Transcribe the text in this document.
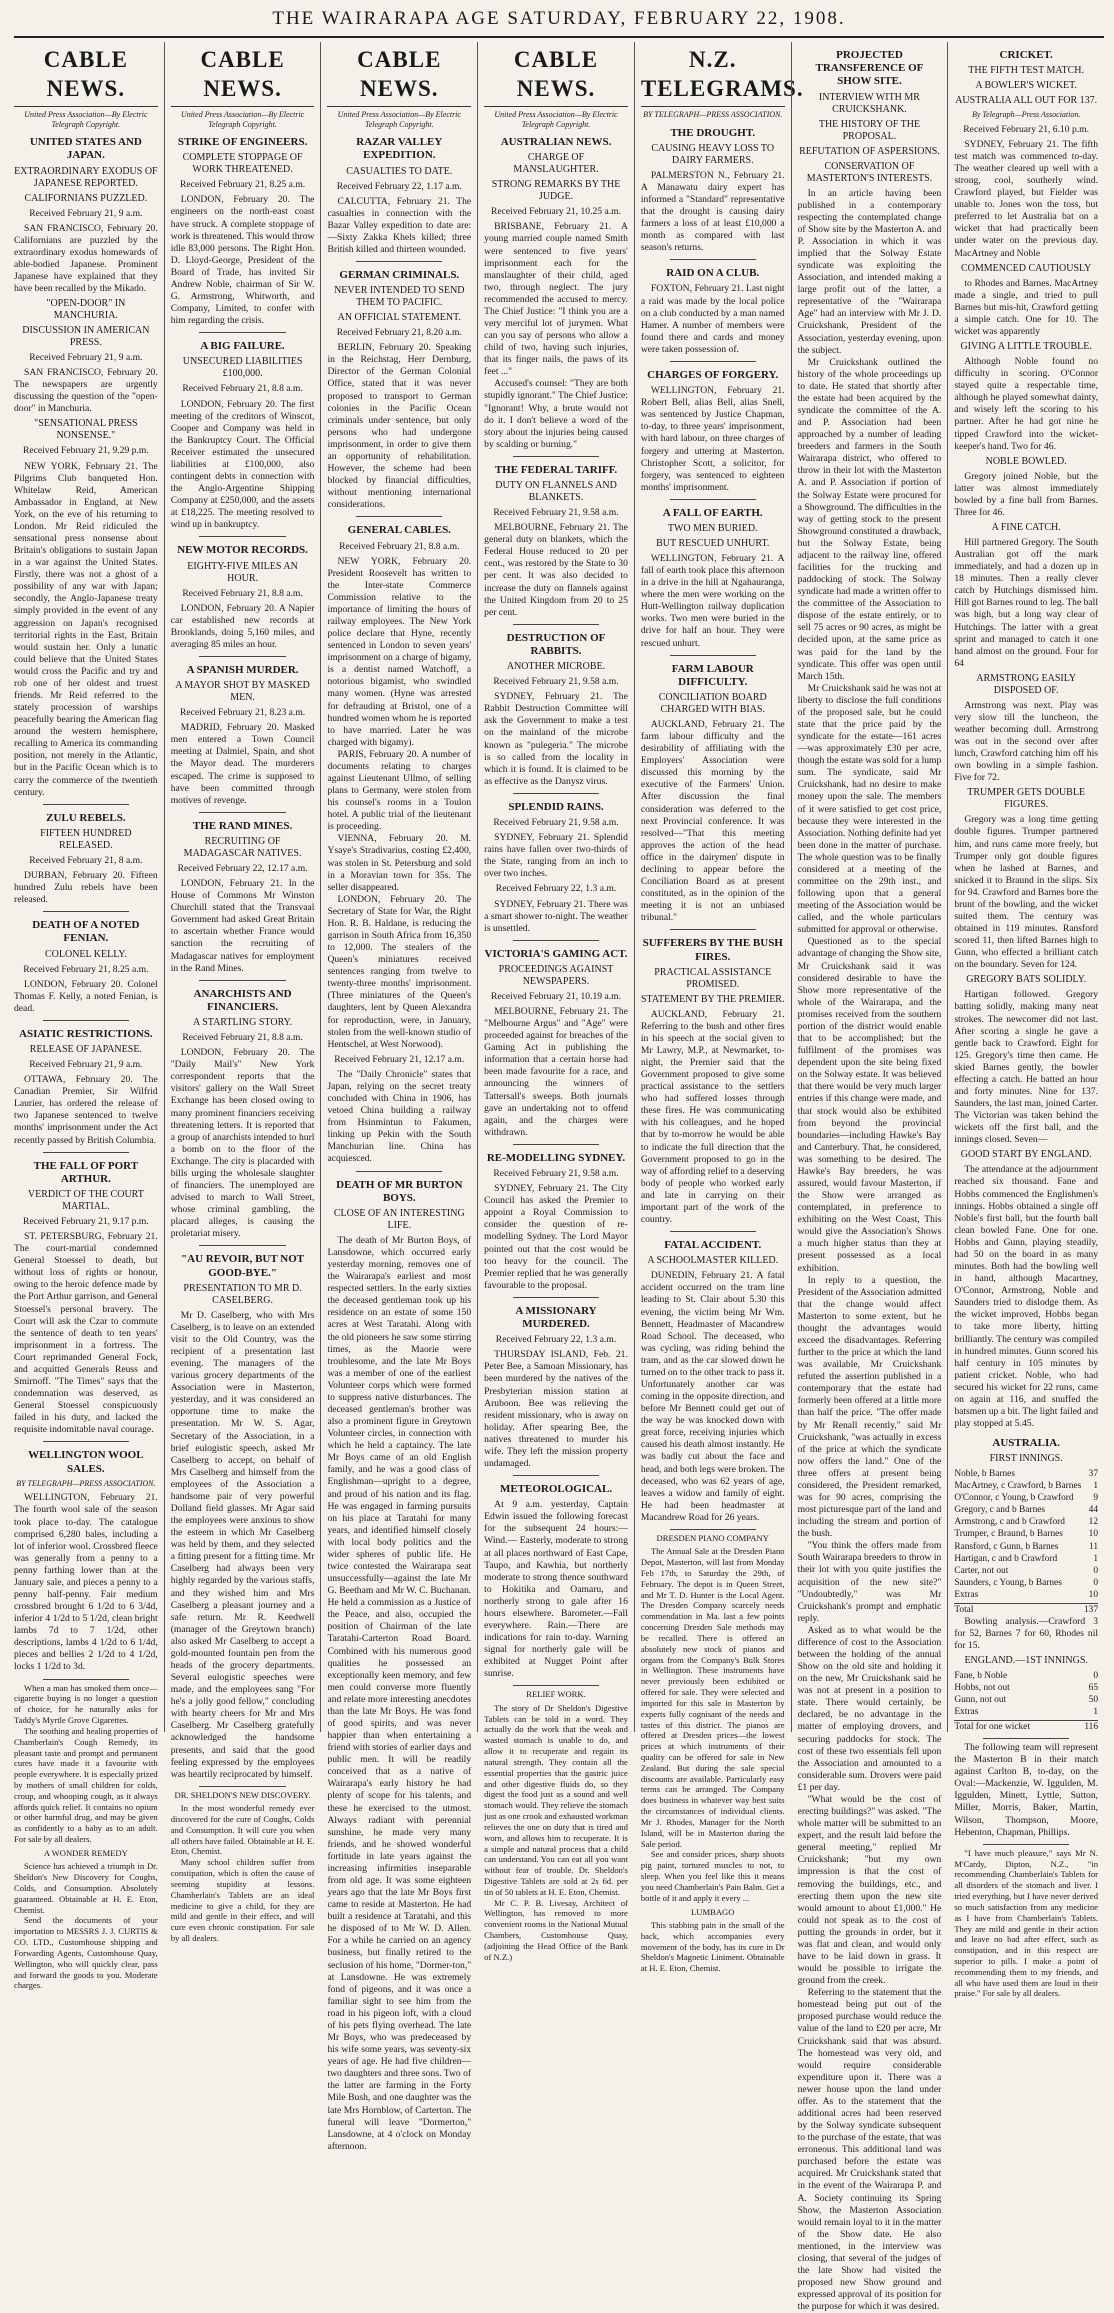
THE WAIRARAPA AGE SATURDAY, FEBRUARY 22, 1908.
CABLE NEWS.
United Press Association—By Electric Telegraph Copyright.
UNITED STATES AND JAPAN.
EXTRAORDINARY EXODUS OF JAPANESE REPORTED.
CALIFORNIANS PUZZLED.
Received February 21, 9 a.m.

SAN FRANCISCO, February 20. Californians are puzzled by the extraordinary exodus homewards of able-bodied Japanese. Prominent Japanese have explained that they have been recalled by the Mikado.

"OPEN-DOOR" IN MANCHURIA.
DISCUSSION IN AMERICAN PRESS.
Received February 21, 9 a.m.

SAN FRANCISCO, February 20. The newspapers are urgently discussing the question of the "open-door" in Manchuria.

"SENSATIONAL PRESS NONSENSE."
Received February 21, 9.29 p.m.

NEW YORK, February 21. The Pilgrims Club banqueted Hon. Whitelaw Reid, American Ambassador in England, at New York, on the eve of his returning to London. Mr Reid ridiculed the sensational press nonsense about Britain's obligations to sustain Japan in a war against the United States. Firstly, there was not a ghost of a possibility of any war with Japan; secondly, the Anglo-Japanese treaty simply provided in the event of any aggression on Japan's recognised territorial rights in the East, Britain would sustain her. Only a lunatic could believe that the United States would cross the Pacific and try and rob one of her oldest and truest friends. Mr Reid referred to the stately procession of warships peacefully bearing the American flag around the western hemisphere, recalling to America its commanding position, not merely in the Atlantic, but in the Pacific Ocean which is to carry the commerce of the twentieth century.

ZULU REBELS.
FIFTEEN HUNDRED RELEASED.
Received February 21, 8 a.m.

DURBAN, February 20. Fifteen hundred Zulu rebels have been released.

DEATH OF A NOTED FENIAN.
COLONEL KELLY.
Received February 21, 8.25 a.m.

LONDON, February 20. Colonel Thomas F. Kelly, a noted Fenian, is dead.

ASIATIC RESTRICTIONS.
RELEASE OF JAPANESE.
Received February 21, 9 a.m.

OTTAWA, February 20. The Canadian Premier, Sir Wilfrid Laurier, has ordered the release of two Japanese sentenced to twelve months' imprisonment under the Act recently passed by British Columbia.

THE FALL OF PORT ARTHUR.
VERDICT OF THE COURT MARTIAL.
Received February 21, 9.17 p.m.

ST. PETERSBURG, February 21. The court-martial condemned General Stoessel to death, but without loss of rights or honour, owing to the heroic defence made by the Port Arthur garrison, and General Stoessel's personal bravery. The Court will ask the Czar to commute the sentence of death to ten years' imprisonment in a fortress. The Court reprimanded General Fock, and acquitted Generals Reuss and Smirnoff. "The Times" says that the condemnation was deserved, as General Stoessel conspicuously failed in his duty, and lacked the requisite indomitable naval courage.

WELLINGTON WOOL SALES.
BY TELEGRAPH—PRESS ASSOCIATION.

WELLINGTON, February 21. The fourth wool sale of the season took place to-day. The catalogue comprised 6,280 bales, including a lot of inferior wool. Crossbred fleece was generally from a penny to a penny farthing lower than at the January sale, and pieces a penny to a penny half-penny. Fair medium crossbred brought 6 1/2d to 6 3/4d, inferior 4 1/2d to 5 1/2d, clean bright lambs 7d to 7 1/2d, other descriptions, lambs 4 1/2d to 6 1/4d, pieces and bellies 2 1/2d to 4 1/2d, locks 1 1/2d to 3d.

When a man has smoked them once—cigarette buying is no longer a question of choice, for he naturally asks for Taddy's Myrtle Grove Cigarettes.

The soothing and healing properties of Chamberlain's Cough Remedy, its pleasant taste and prompt and permanent cures have made it a favourite with people everywhere. It is especially prized by mothers of small children for colds, croup, and whooping cough, as it always affords quick relief. It contains no opium or other harmful drug, and may be given as confidently to a baby as to an adult. For sale by all dealers.

A WONDER REMEDY

Science has achieved a triumph in Dr. Sheldon's New Discovery for Coughs, Colds, and Consumption. Absolutely guaranteed. Obtainable at H. E. Eton, Chemist.

Send the documents of your importation to MESSRS J. J. CURTIS & CO. LTD., Customhouse shipping and Forwarding Agents, Customhouse Quay, Wellington, who will quickly clear, pass and forward the goods to you. Moderate charges.

CABLE NEWS.
United Press Association—By Electric Telegraph Copyright.
STRIKE OF ENGINEERS.
COMPLETE STOPPAGE OF WORK THREATENED.
Received February 21, 8.25 a.m.

LONDON, February 20. The engineers on the north-east coast have struck. A complete stoppage of work is threatened. This would throw idle 83,000 persons. The Right Hon. D. Lloyd-George, President of the Board of Trade, has invited Sir Andrew Noble, chairman of Sir W. G. Armstrong, Whitworth, and Company, Limited, to confer with him regarding the crisis.

A BIG FAILURE.
UNSECURED LIABILITIES £100,000.
Received February 21, 8.8 a.m.

LONDON, February 20. The first meeting of the creditors of Winscot, Cooper and Company was held in the Bankruptcy Court. The Official Receiver estimated the unsecured liabilities at £100,000, also contingent debts in connection with the Anglo-Argentine Shipping Company at £250,000, and the assets at £18,225. The meeting resolved to wind up in bankruptcy.

NEW MOTOR RECORDS.
EIGHTY-FIVE MILES AN HOUR.
Received February 21, 8.8 a.m.

LONDON, February 20. A Napier car established new records at Brooklands, doing 5,160 miles, and averaging 85 miles an hour.

A SPANISH MURDER.
A MAYOR SHOT BY MASKED MEN.
Received February 21, 8.23 a.m.

MADRID, February 20. Masked men entered a Town Council meeting at Dalmiel, Spain, and shot the Mayor dead. The murderers escaped. The crime is supposed to have been committed through motives of revenge.

THE RAND MINES.
RECRUITING OF MADAGASCAR NATIVES.
Received February 22, 12.17 a.m.

LONDON, February 21. In the House of Commons Mr Winston Churchill stated that the Transvaal Government had asked Great Britain to ascertain whether France would sanction the recruiting of Madagascar natives for employment in the Rand Mines.

ANARCHISTS AND FINANCIERS.
A STARTLING STORY.
Received February 21, 8.8 a.m.

LONDON, February 20. The "Daily Mail's" New York correspondent reports that the visitors' gallery on the Wall Street Exchange has been closed owing to many prominent financiers receiving threatening letters. It is reported that a group of anarchists intended to hurl a bomb on to the floor of the Exchange. The city is placarded with bills urging the wholesale slaughter of financiers. The unemployed are advised to march to Wall Street, whose criminal gambling, the placard alleges, is causing the proletariat misery.

"AU REVOIR, BUT NOT GOOD-BYE."
PRESENTATION TO MR D. CASELBERG.

Mr D. Caselberg, who with Mrs Caselberg, is to leave on an extended visit to the Old Country, was the recipient of a presentation last evening. The managers of the various grocery departments of the Association were in Masterton, yesterday, and it was considered an opportune time to make the presentation. Mr W. S. Agar, Secretary of the Association, in a brief eulogistic speech, asked Mr Caselberg to accept, on behalf of Mrs Caselberg and himself from the employees of the Association a handsome pair of very powerful Dolland field glasses. Mr Agar said the employees were anxious to show the esteem in which Mr Caselberg was held by them, and they selected a fitting present for a fitting time. Mr Caselberg had always been very highly regarded by the various staffs, and they wished him and Mrs Caselberg a pleasant journey and a safe return. Mr R. Keedwell (manager of the Greytown branch) also asked Mr Caselberg to accept a gold-mounted fountain pen from the heads of the grocery departments. Several eulogistic speeches were made, and the employees sang "For he's a jolly good fellow," concluding with hearty cheers for Mr and Mrs Caselberg. Mr Caselberg gratefully acknowledged the handsome presents, and said that the good feeling expressed by the employees was heartily reciprocated by himself.

DR. SHELDON'S NEW DISCOVERY.

In the most wonderful remedy ever discovered for the cure of Coughs, Colds and Consumption. It will cure you when all others have failed. Obtainable at H. E. Eton, Chemist.

Many school children suffer from constipation, which is often the cause of seeming stupidity at lessons. Chamberlain's Tablets are an ideal medicine to give a child, for they are mild and gentle in their effect, and will cure even chronic constipation. For sale by all dealers.

CABLE NEWS.
United Press Association—By Electric Telegraph Copyright.
RAZAR VALLEY EXPEDITION.
CASUALTIES TO DATE.
Received February 22, 1.17 a.m.

CALCUTTA, February 21. The casualties in connection with the Bazar Valley expedition to date are:—Sixty Zakka Khels killed; three British killed and thirteen wounded.

GERMAN CRIMINALS.
NEVER INTENDED TO SEND THEM TO PACIFIC.
AN OFFICIAL STATEMENT.
Received February 21, 8.20 a.m.

BERLIN, February 20. Speaking in the Reichstag, Herr Dernburg, Director of the German Colonial Office, stated that it was never proposed to transport to German colonies in the Pacific Ocean criminals under sentence, but only persons who had undergone imprisonment, in order to give them an opportunity of rehabilitation. However, the scheme had been blocked by financial difficulties, without mentioning international considerations.

GENERAL CABLES.
Received February 21, 8.8 a.m.

NEW YORK, February 20. President Roosevelt has written to the Inter-state Commerce Commission relative to the importance of limiting the hours of railway employees. The New York police declare that Hyne, recently sentenced in London to seven years' imprisonment on a charge of bigamy, is a dentist named Watchoff, a notorious bigamist, who swindled many women. (Hyne was arrested for defrauding at Bristol, one of a hundred women whom he is reported to have married. Later he was charged with bigamy).

PARIS, February 20. A number of documents relating to charges against Lieutenant Ullmo, of selling plans to Germany, were stolen from his counsel's rooms in a Toulon hotel. A public trial of the lieutenant is proceeding.

VIENNA, February 20. M. Ysaye's Stradivarius, costing £2,400, was stolen in St. Petersburg and sold in a Moravian town for 35s. The seller disappeared.

LONDON, February 20. The Secretary of State for War, the Right Hon. R. B. Haldane, is reducing the garrison in South Africa from 16,350 to 12,000. The stealers of the Queen's miniatures received sentences ranging from twelve to twenty-three months' imprisonment. (Three miniatures of the Queen's daughters, lent by Queen Alexandra for reproduction, were, in January, stolen from the well-known studio of Hentschel, at West Norwood).

Received February 21, 12.17 a.m.

The "Daily Chronicle" states that Japan, relying on the secret treaty concluded with China in 1906, has vetoed China building a railway from Hsinmintun to Fakumen, linking up Pekin with the South Manchurian line. China has acquiesced.

DEATH OF MR BURTON BOYS.
CLOSE OF AN INTERESTING LIFE.

The death of Mr Burton Boys, of Lansdowne, which occurred early yesterday morning, removes one of the Wairarapa's earliest and most respected settlers. In the early sixties the deceased gentleman took up his residence on an estate of some 150 acres at West Taratahi. Along with the old pioneers he saw some stirring times, as the Maorie were troublesome, and the late Mr Boys was a member of one of the earliest Volunteer corps which were formed to suppress native disturbances. The deceased gentleman's brother was also a prominent figure in Greytown Volunteer circles, in connection with which he held a captaincy. The late Mr Boys came of an old English family, and he was a good class of Englishman—upright to a degree, and proud of his nation and its flag. He was engaged in farming pursuits on his place at Taratahi for many years, and identified himself closely with local body politics and the wider spheres of public life. He twice contested the Wairarapa seat unsuccessfully—against the late Mr G. Beetham and Mr W. C. Buchanan. He held a commission as a Justice of the Peace, and also, occupied the position of Chairman of the late Taratahi-Carterton Road Board. Combined with his numerous good qualities he possessed an exceptionally keen memory, and few men could converse more fluently and relate more interesting anecdotes than the late Mr Boys. He was fond of good spirits, and was never happier than when entertaining a friend with stories of earlier days and public men. It will be readily conceived that as a native of Wairarapa's early history he had plenty of scope for his talents, and these he exercised to the utmost. Always radiant with perennial sunshine, he made very many friends, and he showed wonderful fortitude in late years against the increasing infirmities inseparable from old age. It was some eighteen years ago that the late Mr Boys first came to reside at Masterton. He had built a residence at Taratahi, and this he disposed of to Mr W. D. Allen. For a while he carried on an agency business, but finally retired to the seclusion of his home, "Dormer-ton," at Lansdowne. He was extremely fond of pigeons, and it was once a familiar sight to see him from the road in his pigeon loft, with a cloud of his pets flying overhead. The late Mr Boys, who was predeceased by his wife some years, was seventy-six years of age. He had five children—two daughters and three sons. Two of the latter are farming in the Forty Mile Bush, and one daughter was the late Mrs Hornblow, of Carterton. The funeral will leave "Dormerton," Lansdowne, at 4 o'clock on Monday afternoon.

CABLE NEWS.
United Press Association—By Electric Telegraph Copyright.
AUSTRALIAN NEWS.
CHARGE OF MANSLAUGHTER.
STRONG REMARKS BY THE JUDGE.
Received February 21, 10.25 a.m.

BRISBANE, February 21. A young married couple named Smith were sentenced to five years' imprisonment each for the manslaughter of their child, aged two, through neglect. The jury recommended the accused to mercy. The Chief Justice: "I think you are a very merciful lot of jurymen. What can you say of persons who allow a child of two, having such injuries, that its finger nails, the paws of its feet ..."

Accused's counsel: "They are both stupidly ignorant." The Chief Justice: "Ignorant! Why, a brute would not do it. I don't believe a word of the story about the injuries being caused by scalding or burning."

THE FEDERAL TARIFF.
DUTY ON FLANNELS AND BLANKETS.
Received February 21, 9.58 a.m.

MELBOURNE, February 21. The general duty on blankets, which the Federal House reduced to 20 per cent., was restored by the State to 30 per cent. It was also decided to increase the duty on flannels against the United Kingdom from 20 to 25 per cent.

DESTRUCTION OF RABBITS.
ANOTHER MICROBE.
Received February 21, 9.58 a.m.

SYDNEY, February 21. The Rabbit Destruction Committee will ask the Government to make a test on the mainland of the microbe known as "pulegeria." The microbe is so called from the locality in which it is found. It is claimed to be as effective as the Danysz virus.

SPLENDID RAINS.
Received February 21, 9.58 a.m.

SYDNEY, February 21. Splendid rains have fallen over two-thirds of the State, ranging from an inch to over two inches.

Received February 22, 1.3 a.m.

SYDNEY, February 21. There was a smart shower to-night. The weather is unsettled.

VICTORIA'S GAMING ACT.
PROCEEDINGS AGAINST NEWSPAPERS.
Received February 21, 10.19 a.m.

MELBOURNE, February 21. The "Melbourne Argus" and "Age" were proceeded against for breaches of the Gaming Act in publishing the information that a certain horse had been made favourite for a race, and announcing the winners of Tattersall's sweeps. Both journals gave an undertaking not to offend again, and the charges were withdrawn.

RE-MODELLING SYDNEY.
Received February 21, 9.58 a.m.

SYDNEY, February 21. The City Council has asked the Premier to appoint a Royal Commission to consider the question of re-modelling Sydney. The Lord Mayor pointed out that the cost would be too heavy for the council. The Premier replied that he was generally favourable to the proposal.

A MISSIONARY MURDERED.
Received February 22, 1.3 a.m.

THURSDAY ISLAND, Feb. 21. Peter Bee, a Samoan Missionary, has been murdered by the natives of the Presbyterian mission station at Aruboon. Bee was relieving the resident missionary, who is away on holiday. After spearing Bee, the natives threatened to murder his wife. They left the mission property undamaged.

METEOROLOGICAL.

At 9 a.m. yesterday, Captain Edwin issued the following forecast for the subsequent 24 hours:— Wind.— Easterly, moderate to strong at all places northward of East Cape, Taupo, and Kawhia, but northerly moderate to strong thence southward to Hokitika and Oamaru, and northerly strong to gale after 16 hours elsewhere. Barometer.—Fall everywhere. Rain.—There are indications for rain to-day. Warning signal for northerly gale will be exhibited at Nugget Point after sunrise.

RELIEF WORK.

The story of Dr Sheldon's Digestive Tablets can be told in a word. They actually do the work that the weak and wasted stomach is unable to do, and allow it to recuperate and regain its natural strength. They contain all the essential properties that the gastric juice and other digestive fluids do, so they digest the food just as a sound and well stomach would. They relieve the stomach just as one crook and exhausted workman relieves the one on duty that is tired and worn, and allows him to recuperate. It is a simple and natural process that a child can understand. You can eat all you want without fear of trouble. Dr. Sheldon's Digestive Tablets are sold at 2s 6d. per tin of 50 tablets at H. E. Eton, Chemist.

Mr C. P. B. Livesay, Architect of Wellington, has removed to more convenient rooms in the National Mutual Chambers, Customhouse Quay, (adjoining the Head Office of the Bank of N.Z.)

N.Z. TELEGRAMS.
BY TELEGRAPH—PRESS ASSOCIATION.
THE DROUGHT.
CAUSING HEAVY LOSS TO DAIRY FARMERS.

PALMERSTON N., February 21. A Manawatu dairy expert has informed a "Standard" representative that the drought is causing dairy farmers a loss of at least £10,000 a month as compared with last season's returns.

RAID ON A CLUB.

FOXTON, February 21. Last night a raid was made by the local police on a club conducted by a man named Hamer. A number of members were found there and cards and money were taken possession of.

CHARGES OF FORGERY.

WELLINGTON, February 21. Robert Bell, alias Bell, alias Snell, was sentenced by Justice Chapman, to-day, to three years' imprisonment, with hard labour, on three charges of forgery and uttering at Masterton. Christopher Scott, a solicitor, for forgery, was sentenced to eighteen months' imprisonment.

A FALL OF EARTH.
TWO MEN BURIED.
BUT RESCUED UNHURT.

WELLINGTON, February 21. A fall of earth took place this afternoon in a drive in the hill at Ngahauranga, where the men were working on the Hutt-Wellington railway duplication works. Two men were buried in the drive for half an hour. They were rescued unhurt.

FARM LABOUR DIFFICULTY.
CONCILIATION BOARD CHARGED WITH BIAS.

AUCKLAND, February 21. The farm labour difficulty and the desirability of affiliating with the Employers' Association were discussed this morning by the executive of the Farmers' Union. After discussion the final consideration was deferred to the next Provincial conference. It was resolved—"That this meeting approves the action of the head office in the dairymen' dispute in declining to appear before the Conciliation Board as at present constituted, as in the opinion of the meeting it is not an unbiased tribunal."

SUFFERERS BY THE BUSH FIRES.
PRACTICAL ASSISTANCE PROMISED.
STATEMENT BY THE PREMIER.

AUCKLAND, February 21. Referring to the bush and other fires in his speech at the social given to Mr Lawry, M.P., at Newmarket, to-night, the Premier said that the Government proposed to give some practical assistance to the settlers who had suffered losses through these fires. He was communicating with his colleagues, and he hoped that by to-morrow he would be able to indicate the full direction that the Government proposed to go in the way of affording relief to a deserving body of people who worked early and late in carrying on their important part of the work of the country.

FATAL ACCIDENT.
A SCHOOLMASTER KILLED.

DUNEDIN, February 21. A fatal accident occurred on the tram line leading to St. Clair about 5.30 this evening, the victim being Mr Wm. Bennett, Headmaster of Macandrew Road School. The deceased, who was cycling, was riding behind the tram, and as the car slowed down he turned on to the other track to pass it. Unfortunately another car was coming in the opposite direction, and before Mr Bennett could get out of the way he was knocked down with great force, receiving injuries which caused his death almost instantly. He was badly cut about the face and head, and both legs were broken. The deceased, who was 62 years of age, leaves a widow and family of eight. He had been headmaster at Macandrew Road for 26 years.

DRESDEN PIANO COMPANY

The Annual Sale at the Dresden Piano Depot, Masterton, will last from Monday Feb 17th, to Saturday the 29th, of February. The depot is in Queen Street, and Mr T. D. Hunter is the Local Agent. The Dresden Company scarcely needs commendation in Ma. last a few points concerning Dresden Sale methods may be recalled. There is offered an absolutely new stock of pianos and organs from the Company's Bulk Stores in Wellington. These instruments have never previously been exhibited or offered for sale. They were selected and imported for this sale in Masterton by experts fully cognisant of the needs and tastes of this district. The pianos are offered at Dresden prices—the lowest prices at which instruments of their quality can be offered for sale in New Zealand. But during the sale special discounts are available. Particularly easy terms can be arranged. The Company does business in whatever way best suits the circumstances of individual clients. Mr J. Rhodes, Manager for the North Island, will be in Masterton during the Sale period.

See and consider prices, sharp shoots pig paint, tortured muscles to not, to sleep. When you feel like this it means you need Chamberlain's Pain Balm. Get a bottle of it and apply it every ...

LUMBAGO

This stabbing pain in the small of the back, which accompanies every movement of the body, has its cure in Dr Sheldon's Magnetic Liniment. Obtainable at H. E. Eton, Chemist.

PROJECTED TRANSFERENCE OF SHOW SITE.
INTERVIEW WITH MR CRUICKSHANK.
THE HISTORY OF THE PROPOSAL.
REFUTATION OF ASPERSIONS.
CONSERVATION OF MASTERTON'S INTERESTS.

In an article having been published in a contemporary respecting the contemplated change of Show site by the Masterton A. and P. Association in which it was implied that the Solway Estate syndicate was exploiting the Association, and intended making a large profit out of the latter, a representative of the "Wairarapa Age" had an interview with Mr J. D. Cruickshank, President of the Association, yesterday evening, upon the subject.

Mr Cruickshank outlined the history of the whole proceedings up to date. He stated that shortly after the estate had been acquired by the syndicate the committee of the A. and P. Association had been approached by a number of leading breeders and farmers in the South Wairarapa district, who offered to throw in their lot with the Masterton A. and P. Association if portion of the Solway Estate were procured for a Showground. The difficulties in the way of getting stock to the present Showground constituted a drawback, but the Solway Estate, being adjacent to the railway line, offered facilities for the trucking and paddocking of stock. The Solway syndicate had made a written offer to the committee of the Association to dispose of the estate entirely, or to sell 75 acres or 90 acres, as might be decided upon, at the same price as was paid for the land by the syndicate. This offer was open until March 15th.

Mr Cruickshank said he was not at liberty to disclose the full conditions of the proposed sale, but he could state that the price paid by the syndicate for the estate—161 acres—was approximately £30 per acre, though the estate was sold for a lump sum. The syndicate, said Mr Cruickshank, had no desire to make money upon the sale. The members of it were satisfied to get cost price, because they were interested in the Association. Nothing definite had yet been done in the matter of purchase. The whole question was to be finally considered at a meeting of the committee on the 29th inst., and following upon that a general meeting of the Association would be called, and the whole particulars submitted for approval or otherwise.

Questioned as to the special advantage of changing the Show site, Mr Cruickshank said it was considered desirable to have the Show more representative of the whole of the Wairarapa, and the promises received from the southern portion of the district would enable that to be accomplished; but the fulfilment of the promises was dependent upon the site being fixed on the Solway estate. It was believed that there would be very much larger entries if this change were made, and that stock would also be exhibited from beyond the provincial boundaries—including Hawke's Bay and Canterbury. That, he considered, was something to be desired. The Hawke's Bay breeders, he was assured, would favour Masterton, if the Show were arranged as contemplated, in preference to exhibiting on the West Coast, This would give the Association's Shows a much higher status than they at present possessed as a local exhibition.

In reply to a question, the President of the Association admitted that the change would affect Masterton to some extent, but he thought the advantages would exceed the disadvantages. Referring further to the price at which the land was available, Mr Cruickshank refuted the assertion published in a contemporary that the estate had formerly been offered at a little more than half the price. "The offer made by Mr Renall recently," said Mr Cruickshank, "was actually in excess of the price at which the syndicate now offers the land." One of the three offers at present being considered, the President remarked, was for 90 acres, comprising the most picturesque part of the land and including the stream and portion of the bush.

"You think the offers made from South Wairarapa breeders to throw in their lot with you quite justifies the acquisition of the new site?" "Undoubtedly," was Mr Cruickshank's prompt and emphatic reply.

Asked as to what would be the difference of cost to the Association between the holding of the annual Show on the old site and holding it on the new, Mr Cruickshank said he was not at present in a position to state. There would certainly, be declared, be no advantage in the matter of employing drovers, and securing paddocks for stock. The cost of these two essentials fell upon the Association and amounted to a considerable sum. Drovers were paid £1 per day.

"What would be the cost of erecting buildings?" was asked. "The whole matter will be submitted to an expert, and the result laid before the general meeting," replied Mr Cruickshank; "but my own impression is that the cost of removing the buildings, etc., and erecting them upon the new site would amount to about £1,000." He could not speak as to the cost of putting the grounds in order, but it was flat and clean, and would only have to be laid down in grass. It would be possible to irrigate the ground from the creek.

Referring to the statement that the homestead being put out of the proposed purchase would reduce the value of the land to £20 per acre, Mr Cruickshank said that was absurd. The homestead was very old, and would require considerable expenditure upon it. There was a newer house upon the land under offer. As to the statement that the additional acres had been reserved by the Solway syndicate subsequent to the purchase of the estate, that was erroneous. This additional land was purchased before the estate was acquired. Mr Cruickshank stated that in the event of the Wairarapa P. and A. Society continuing its Spring Show, the Masterton Association would remain loyal to it in the matter of the Show date. He also mentioned, in the interview was closing, that several of the judges of the late Show had visited the proposed new Show ground and expressed approval of its position for the purpose for which it was desired.

CRICKET.
THE FIFTH TEST MATCH.
A BOWLER'S WICKET.
AUSTRALIA ALL OUT FOR 137.
By Telegraph—Press Association.
Received February 21, 6.10 p.m.

SYDNEY, February 21. The fifth test match was commenced to-day. The weather cleared up well with a strong, cool, southerly wind. Crawford played, but Fielder was unable to. Jones won the toss, but preferred to let Australia bat on a wicket that had practically been under water on the previous day. MacArtney and Noble

COMMENCED CAUTIOUSLY

to Rhodes and Barnes. MacArtney made a single, and tried to pull Barnes but mis-hit, Crawford getting a simple catch. One for 10. The wicket was apparently

GIVING A LITTLE TROUBLE.

Although Noble found no difficulty in scoring. O'Connor stayed quite a respectable time, although he played somewhat dainty, and wisely left the scoring to his partner. After he had got nine he tipped Crawford into the wicket-keeper's hand. Two for 46.

NOBLE BOWLED.

Gregory joined Noble, but the latter was almost immediately bowled by a fine ball from Barnes. Three for 46.

A FINE CATCH.

Hill partnered Gregory. The South Australian got off the mark immediately, and had a dozen up in 18 minutes. Then a really clever catch by Hutchings dismissed him. Hill got Barnes round to leg. The ball was high, but a long way clear of Hutchings. The latter with a great sprint and managed to catch it one hand almost on the ground. Four for 64

ARMSTRONG EASILY DISPOSED OF.

Armstrong was next. Play was very slow till the luncheon, the weather becoming dull. Armstrong was out in the second over after lunch, Crawford catching him off his own bowling in a simple fashion. Five for 72.

TRUMPER GETS DOUBLE FIGURES.

Gregory was a long time getting double figures. Trumper partnered him, and runs came more freely, but Trumper only got double figures when he lashed at Barnes, and snicked it to Braund in the slips. Six for 94. Crawford and Barnes bore the brunt of the bowling, and the wicket suited them. The century was obtained in 119 minutes. Ransford scored 11, then lifted Barnes high to Gunn, who effected a brilliant catch on the boundary. Seven for 124.

GREGORY BATS SOLIDLY.

Hartigan followed. Gregory batting solidly, making many neat strokes. The newcomer did not last. After scoring a single he gave a gentle back to Crawford. Eight for 125. Gregory's time then came. He skied Barnes gently, the bowler effecting a catch. He batted an hour and forty minutes. Nine for 137. Saunders, the last man, joined Carter. The Victorian was taken behind the wickets off the first ball, and the innings closed. Seven—

GOOD START BY ENGLAND.

The attendance at the adjournment reached six thousand. Fane and Hobbs commenced the Englishmen's innings. Hobbs obtained a single off Noble's first ball, but the fourth ball clean bowled Fane. One for one. Hobbs and Gunn, playing steadily, had 50 on the board in as many minutes. Both had the bowling well in hand, although Macartney, O'Connor, Armstrong, Noble and Saunders tried to dislodge them. As the wicket improved, Hobbs began to take more liberty, hitting brilliantly. The century was compiled in hundred minutes. Gunn scored his half century in 105 minutes by patient cricket. Noble, who had secured his wicket for 22 runs, came on again at 116, and snuffed the batsmen up a bit. The light failed and play stopped at 5.45.

AUSTRALIA.
FIRST INNINGS.
Noble, b Barnes	37
MacArtney, c Crawford, b Barnes 1
O'Connor, c Young, b Crawford 9
Gregory, c and b Barnes	44
Armstrong, c and b Crawford	12
Trumper, c Braund, b Barnes	10
Ransford, c Gunn, b Barnes	11
Hartigan, c and b Crawford	1
Carter, not out	0
Saunders, c Young, b Barnes	0
Extras	10
Total	137

Bowling analysis.—Crawford 3 for 52, Barnes 7 for 60, Rhodes nil for 15.

ENGLAND.—1ST INNINGS.
Fane, b Noble	0
Hobbs, not out	65
Gunn, not out	50
Extras	1
Total for one wicket	116

The following team will represent the Masterton B in their match against Carlton B, to-day, on the Oval:—Mackenzie, W. Iggulden, M. Iggulden, Minett, Lyttle, Sutton, Miller, Morris, Baker, Martin, Wilson, Thompson, Moore, Hebenton, Chapman, Phillips.

"I have much pleasure," says Mr N. M'Cardy, Dipton, N.Z., "in recommending Chamberlain's Tablets for all disorders of the stomach and liver. I tried everything, but I have never derived so much satisfaction from any medicine as I have from Chamberlain's Tablets. They are mild and gentle in their action and leave no bad after effect, such as constipation, and in this respect are superior to pills. I make a point of recommending them to my friends, and all who have used them are loud in their praise." For sale by all dealers.
